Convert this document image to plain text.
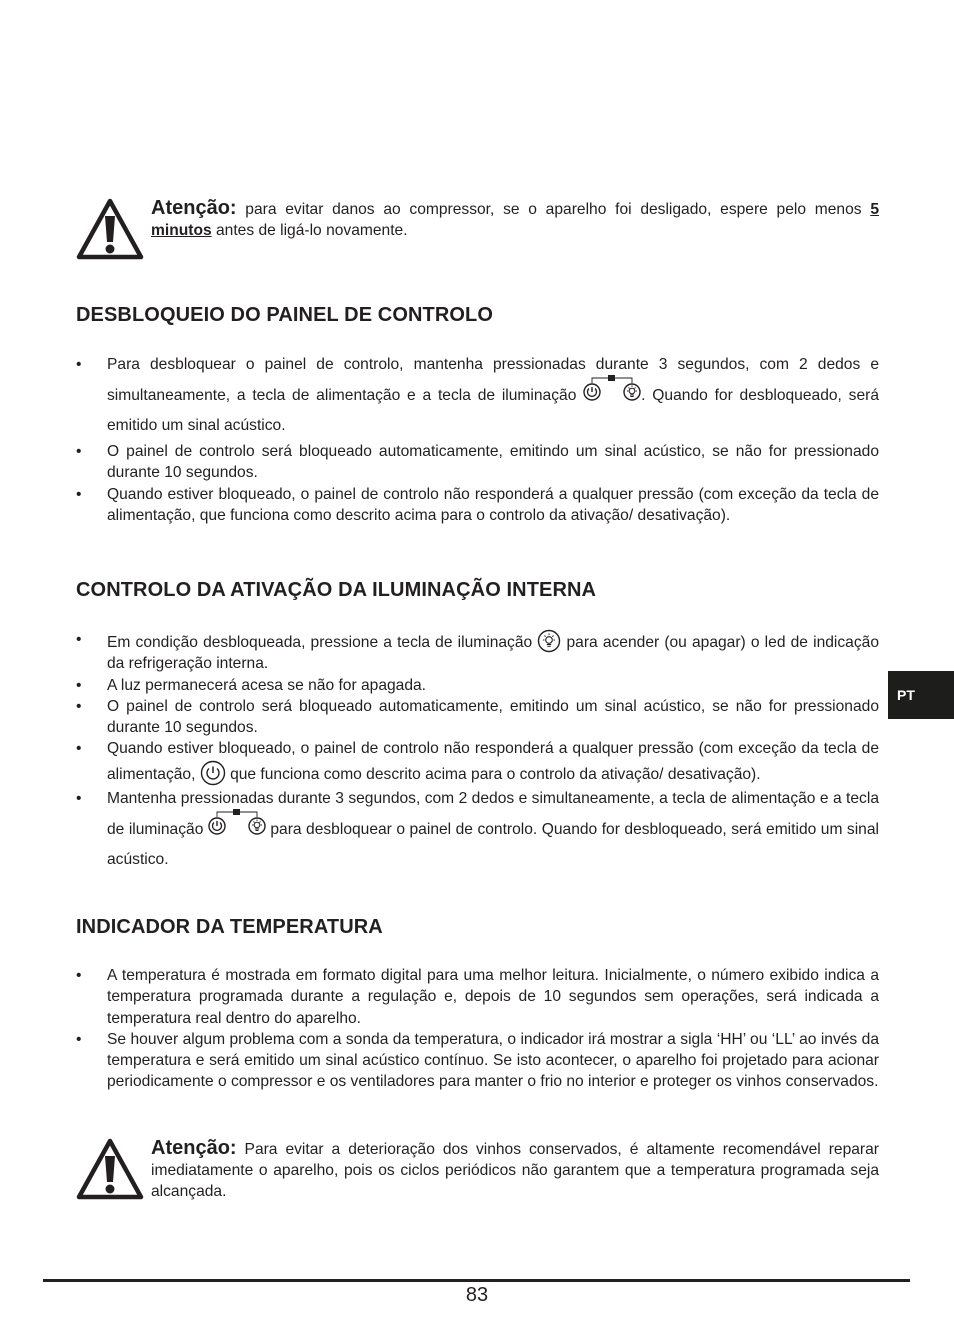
Atenção: para evitar danos ao compressor, se o aparelho foi desligado, espere pelo menos 5 minutos antes de ligá-lo novamente.
DESBLOQUEIO DO PAINEL DE CONTROLO
• Para desbloquear o painel de controlo, mantenha pressionadas durante 3 segundos, com 2 dedos e simultaneamente, a tecla de alimentação e a tecla de iluminação	. Quando for desbloqueado, será emitido um sinal acústico.
• O painel de controlo será bloqueado automaticamente, emitindo um sinal acústico, se não for pressionado durante 10 segundos.
• Quando estiver bloqueado, o painel de controlo não responderá a qualquer pressão (com exceção da tecla de alimentação, que funciona como descrito acima para o controlo da ativação/ desativação).
CONTROLO DA ATIVAÇÃO DA ILUMINAÇÃO INTERNA
• Em condição desbloqueada, pressione a tecla de iluminação  para acender (ou apagar) o led de indicação da refrigeração interna.
• A luz permanecerá acesa se não for apagada.
• O painel de controlo será bloqueado automaticamente, emitindo um sinal acústico, se não for pressionado durante 10 segundos.
• Quando estiver bloqueado, o painel de controlo não responderá a qualquer pressão (com exceção da tecla de alimentação,  que funciona como descrito acima para o controlo da ativação/ desativação).
• Mantenha pressionadas durante 3 segundos, com 2 dedos e simultaneamente, a tecla de alimentação e a tecla de iluminação	para desbloquear o painel de controlo. Quando for desbloqueado, será emitido um sinal acústico.
INDICADOR DA TEMPERATURA
• A temperatura é mostrada em formato digital para uma melhor leitura. Inicialmente, o número exibido indica a temperatura programada durante a regulação e, depois de 10 segundos sem operações, será indicada a temperatura real dentro do aparelho.
• Se houver algum problema com a sonda da temperatura, o indicador irá mostrar a sigla ‘HH’ ou ‘LL’ ao invés da temperatura e será emitido um sinal acústico contínuo. Se isto acontecer, o aparelho foi projetado para acionar periodicamente o compressor e os ventiladores para manter o frio no interior e proteger os vinhos conservados.
Atenção: Para evitar a deterioração dos vinhos conservados, é altamente recomendável reparar imediatamente o aparelho, pois os ciclos periódicos não garantem que a temperatura programada seja alcançada.
PT
83
